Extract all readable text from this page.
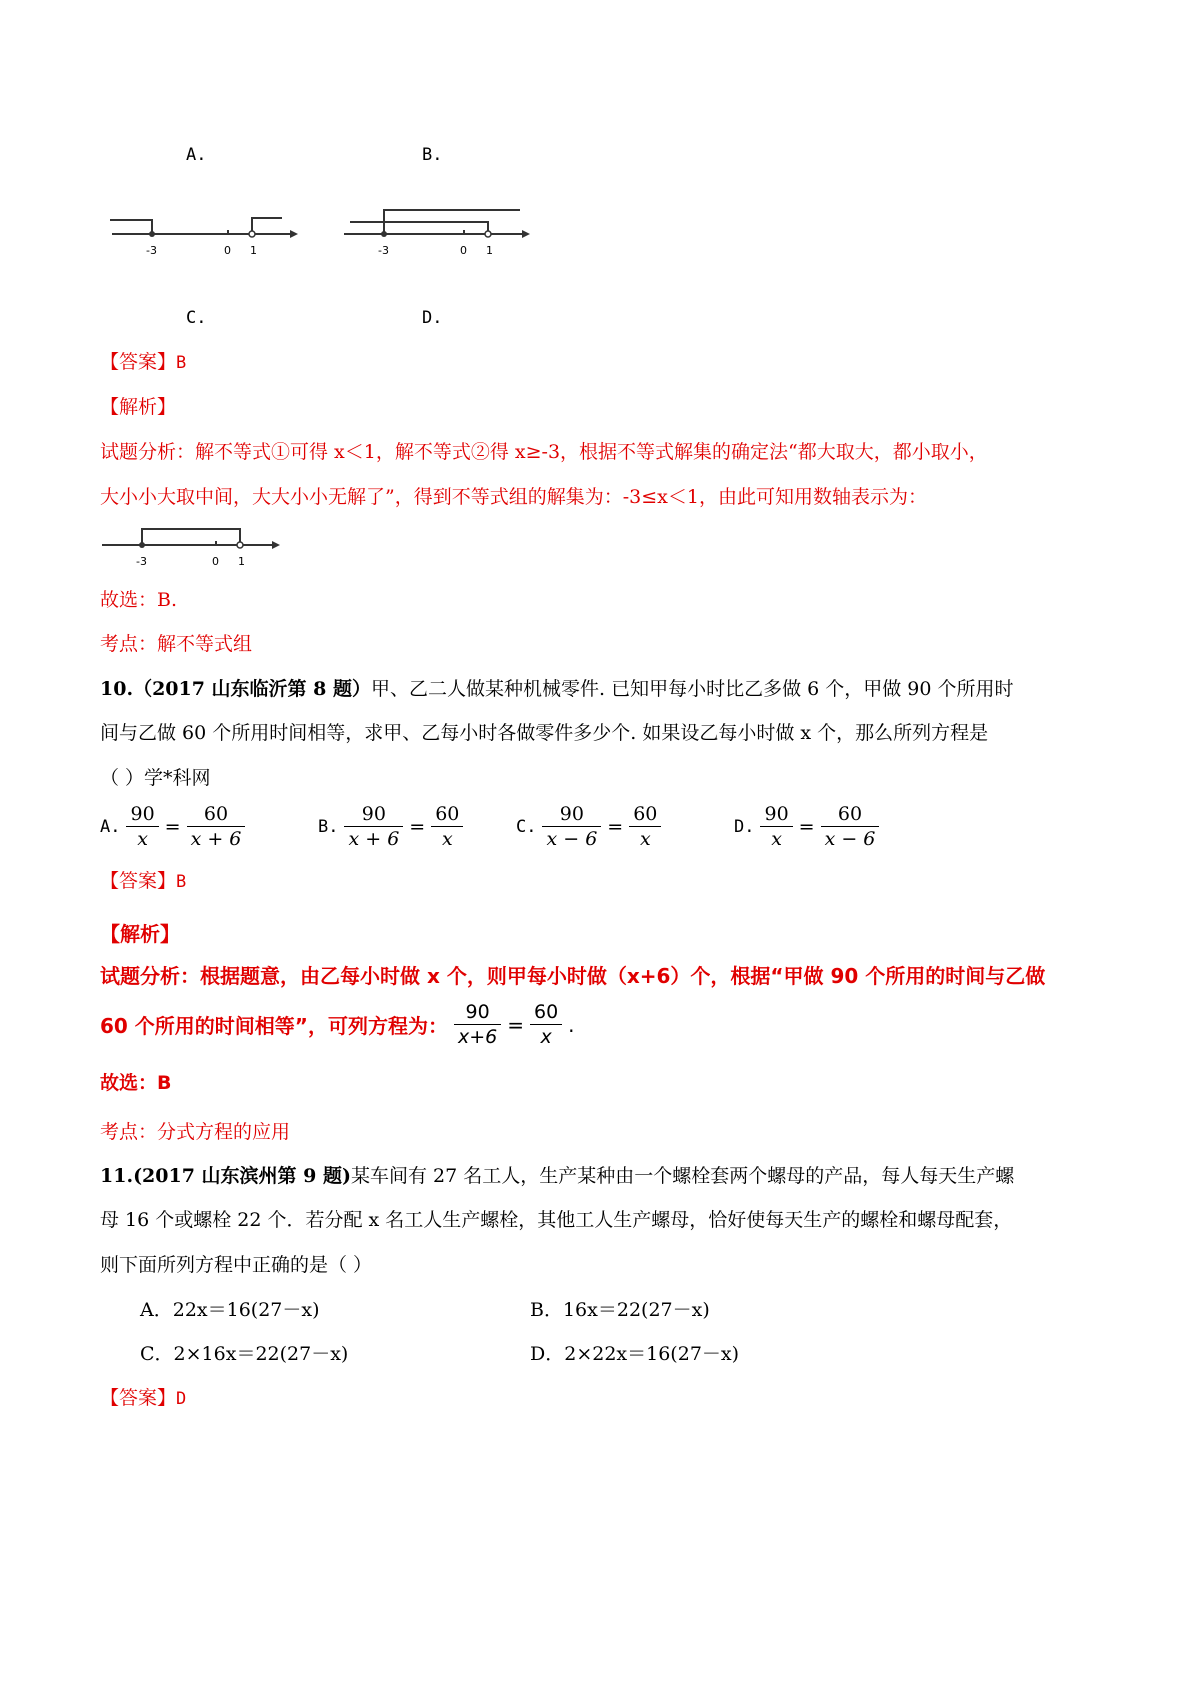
A.	B.
-3	0 1	-3	0 1
C.	D.
【答案】B
【解析】
试题分析：解不等式①可得 x＜1，解不等式②得 x≥-3，根据不等式解集的确定法“都大取大，都小取小，
大小小大取中间，大大小小无解了”，得到不等式组的解集为：-3≤x＜1，由此可知用数轴表示为：
-3	0 1
故选：B.
考点：解不等式组
10.（2017 山东临沂第 8 题）甲、乙二人做某种机械零件. 已知甲每小时比乙多做 6 个，甲做 90 个所用时
间与乙做 60 个所用时间相等，求甲、乙每小时各做零件多少个. 如果设乙每小时做 x 个，那么所列方程是
（ ）学*科网
A. $\frac{90}{x} = \frac{60}{x + 6}$	B. $\frac{90}{x + 6} = \frac{60}{x}$	C. $\frac{90}{x - 6} = \frac{60}{x}$	D. $\frac{90}{x} = \frac{60}{x - 6}$
【答案】B
【解析】
试题分析：根据题意，由乙每小时做 x 个，则甲每小时做（x+6）个，根据“甲做 90 个所用的时间与乙做
60 个所用的时间相等”，可列方程为： $\frac{90}{x+6} = \frac{60}{x}$ .
故选：B
考点：分式方程的应用
11.(2017 山东滨州第 9 题)某车间有 27 名工人，生产某种由一个螺栓套两个螺母的产品，每人每天生产螺
母 16 个或螺栓 22 个．若分配 x 名工人生产螺栓，其他工人生产螺母，恰好使每天生产的螺栓和螺母配套，
则下面所列方程中正确的是（ ）
A．22x＝16(27－x)	B．16x＝22(27－x)
C．2×16x＝22(27－x)	D．2×22x＝16(27－x)
【答案】D
